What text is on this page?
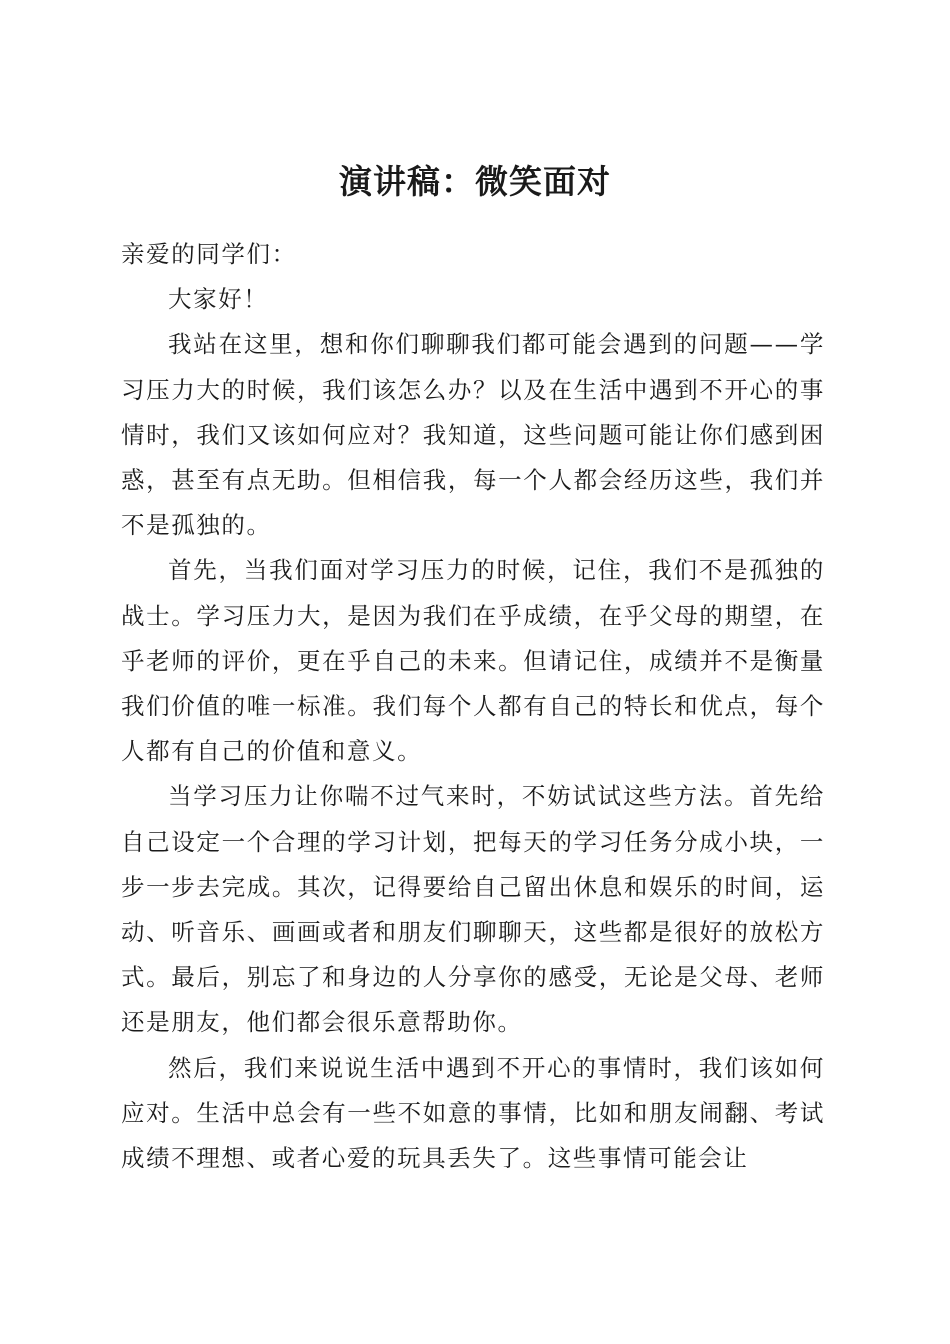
演讲稿：微笑面对

亲爱的同学们：

大家好！

我站在这里，想和你们聊聊我们都可能会遇到的问题——学习压力大的时候，我们该怎么办？以及在生活中遇到不开心的事情时，我们又该如何应对？我知道，这些问题可能让你们感到困惑，甚至有点无助。但相信我，每一个人都会经历这些，我们并不是孤独的。

首先，当我们面对学习压力的时候，记住，我们不是孤独的战士。学习压力大，是因为我们在乎成绩，在乎父母的期望，在乎老师的评价，更在乎自己的未来。但请记住，成绩并不是衡量我们价值的唯一标准。我们每个人都有自己的特长和优点，每个人都有自己的价值和意义。

当学习压力让你喘不过气来时，不妨试试这些方法。首先给自己设定一个合理的学习计划，把每天的学习任务分成小块，一步一步去完成。其次，记得要给自己留出休息和娱乐的时间，运动、听音乐、画画或者和朋友们聊聊天，这些都是很好的放松方式。最后，别忘了和身边的人分享你的感受，无论是父母、老师还是朋友，他们都会很乐意帮助你。

然后，我们来说说生活中遇到不开心的事情时，我们该如何应对。生活中总会有一些不如意的事情，比如和朋友闹翻、考试成绩不理想、或者心爱的玩具丢失了。这些事情可能会让
